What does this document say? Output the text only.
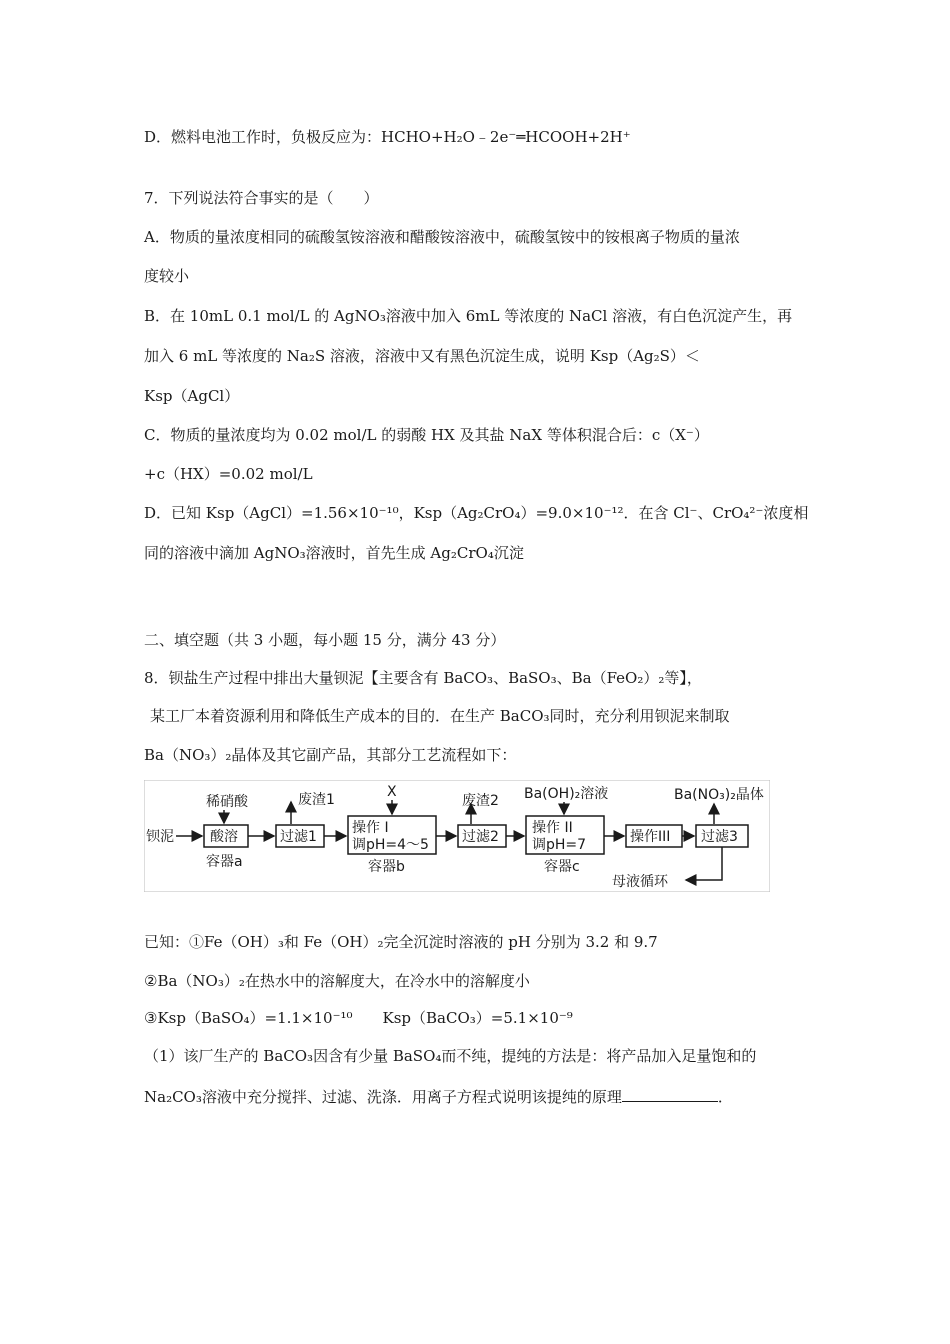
D．燃料电池工作时，负极反应为：HCHO+H₂O﹣2e⁻═HCOOH+2H⁺
7．下列说法符合事实的是（　　）
A．物质的量浓度相同的硫酸氢铵溶液和醋酸铵溶液中，硫酸氢铵中的铵根离子物质的量浓
度较小
B．在 10mL 0.1 mol/L 的 AgNO₃溶液中加入 6mL 等浓度的 NaCl 溶液，有白色沉淀产生，再
加入 6 mL 等浓度的 Na₂S 溶液，溶液中又有黑色沉淀生成，说明 Ksp（Ag₂S）＜
Ksp（AgCl）
C．物质的量浓度均为 0.02 mol/L 的弱酸 HX 及其盐 NaX 等体积混合后：c（X⁻）
+c（HX）=0.02 mol/L
D．已知 Ksp（AgCl）=1.56×10⁻¹⁰，Ksp（Ag₂CrO₄）=9.0×10⁻¹²．在含 Cl⁻、CrO₄²⁻浓度相
同的溶液中滴加 AgNO₃溶液时，首先生成 Ag₂CrO₄沉淀
二、填空题（共 3 小题，每小题 15 分，满分 43 分）
8．钡盐生产过程中排出大量钡泥【主要含有 BaCO₃、BaSO₃、Ba（FeO₂）₂等】，
某工厂本着资源利用和降低生产成本的目的．在生产 BaCO₃同时，充分利用钡泥来制取
Ba（NO₃）₂晶体及其它副产品，其部分工艺流程如下：
钡泥
稀硝酸
酸溶
容器a
过滤1
废渣1	X
操作 I
调pH=4～5
容器b
过滤2
废渣2 Ba(OH)₂溶液
操作 II
调pH=7
容器c
操作III 过滤3
Ba(NO₃)₂晶体
母液循环
已知：①Fe（OH）₃和 Fe（OH）₂完全沉淀时溶液的 pH 分别为 3.2 和 9.7
②Ba（NO₃）₂在热水中的溶解度大，在冷水中的溶解度小
③Ksp（BaSO₄）=1.1×10⁻¹⁰　　Ksp（BaCO₃）=5.1×10⁻⁹
（1）该厂生产的 BaCO₃因含有少量 BaSO₄而不纯，提纯的方法是：将产品加入足量饱和的
Na₂CO₃溶液中充分搅拌、过滤、洗涤．用离子方程式说明该提纯的原理	．
